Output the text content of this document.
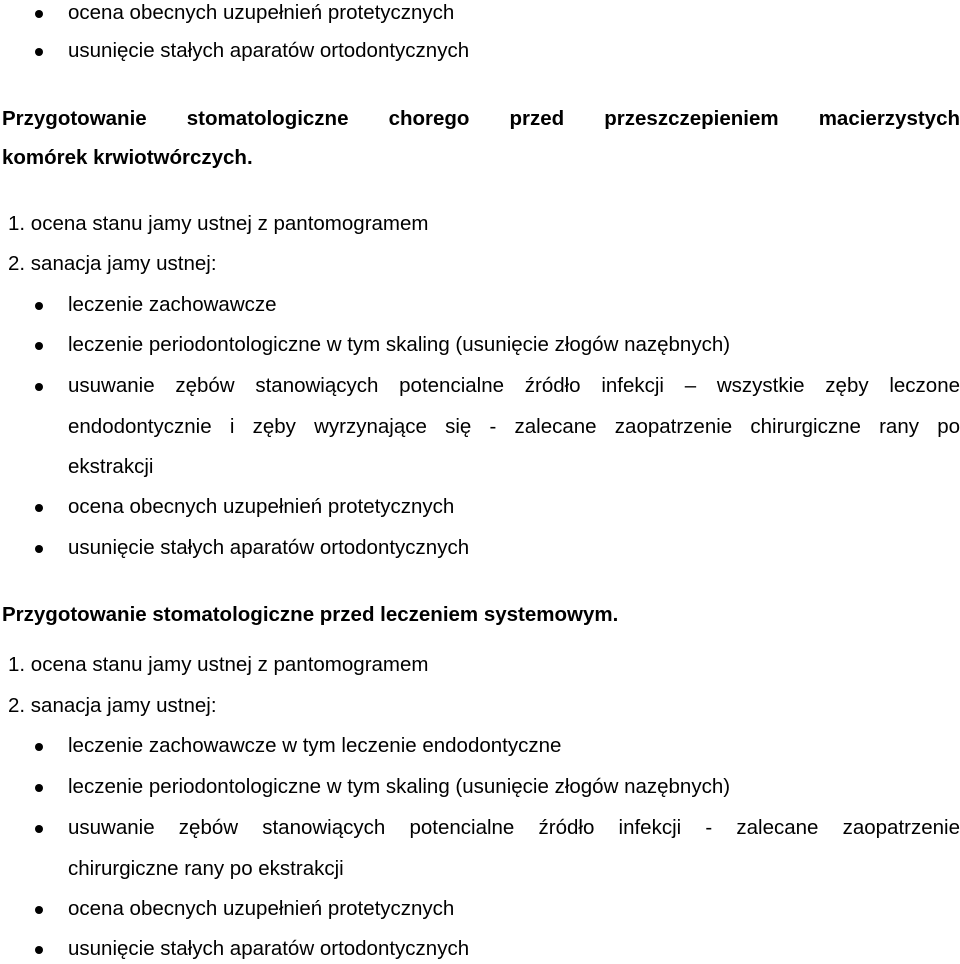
ocena obecnych uzupełnień protetycznych
usunięcie stałych aparatów ortodontycznych
Przygotowanie stomatologiczne chorego przed przeszczepieniem macierzystych
komórek krwiotwórczych.
1. ocena stanu jamy ustnej z pantomogramem
2. sanacja jamy ustnej:
leczenie zachowawcze
leczenie periodontologiczne w tym skaling (usunięcie złogów nazębnych)
usuwanie zębów stanowiących potencialne źródło infekcji – wszystkie zęby leczone
endodontycznie i zęby wyrzynające się - zalecane zaopatrzenie chirurgiczne rany po
ekstrakcji
ocena obecnych uzupełnień protetycznych
usunięcie stałych aparatów ortodontycznych
Przygotowanie stomatologiczne przed leczeniem systemowym.
1. ocena stanu jamy ustnej z pantomogramem
2. sanacja jamy ustnej:
leczenie zachowawcze w tym leczenie endodontyczne
leczenie periodontologiczne w tym skaling (usunięcie złogów nazębnych)
usuwanie zębów stanowiących potencialne źródło infekcji - zalecane zaopatrzenie
chirurgiczne rany po ekstrakcji
ocena obecnych uzupełnień protetycznych
usunięcie stałych aparatów ortodontycznych
